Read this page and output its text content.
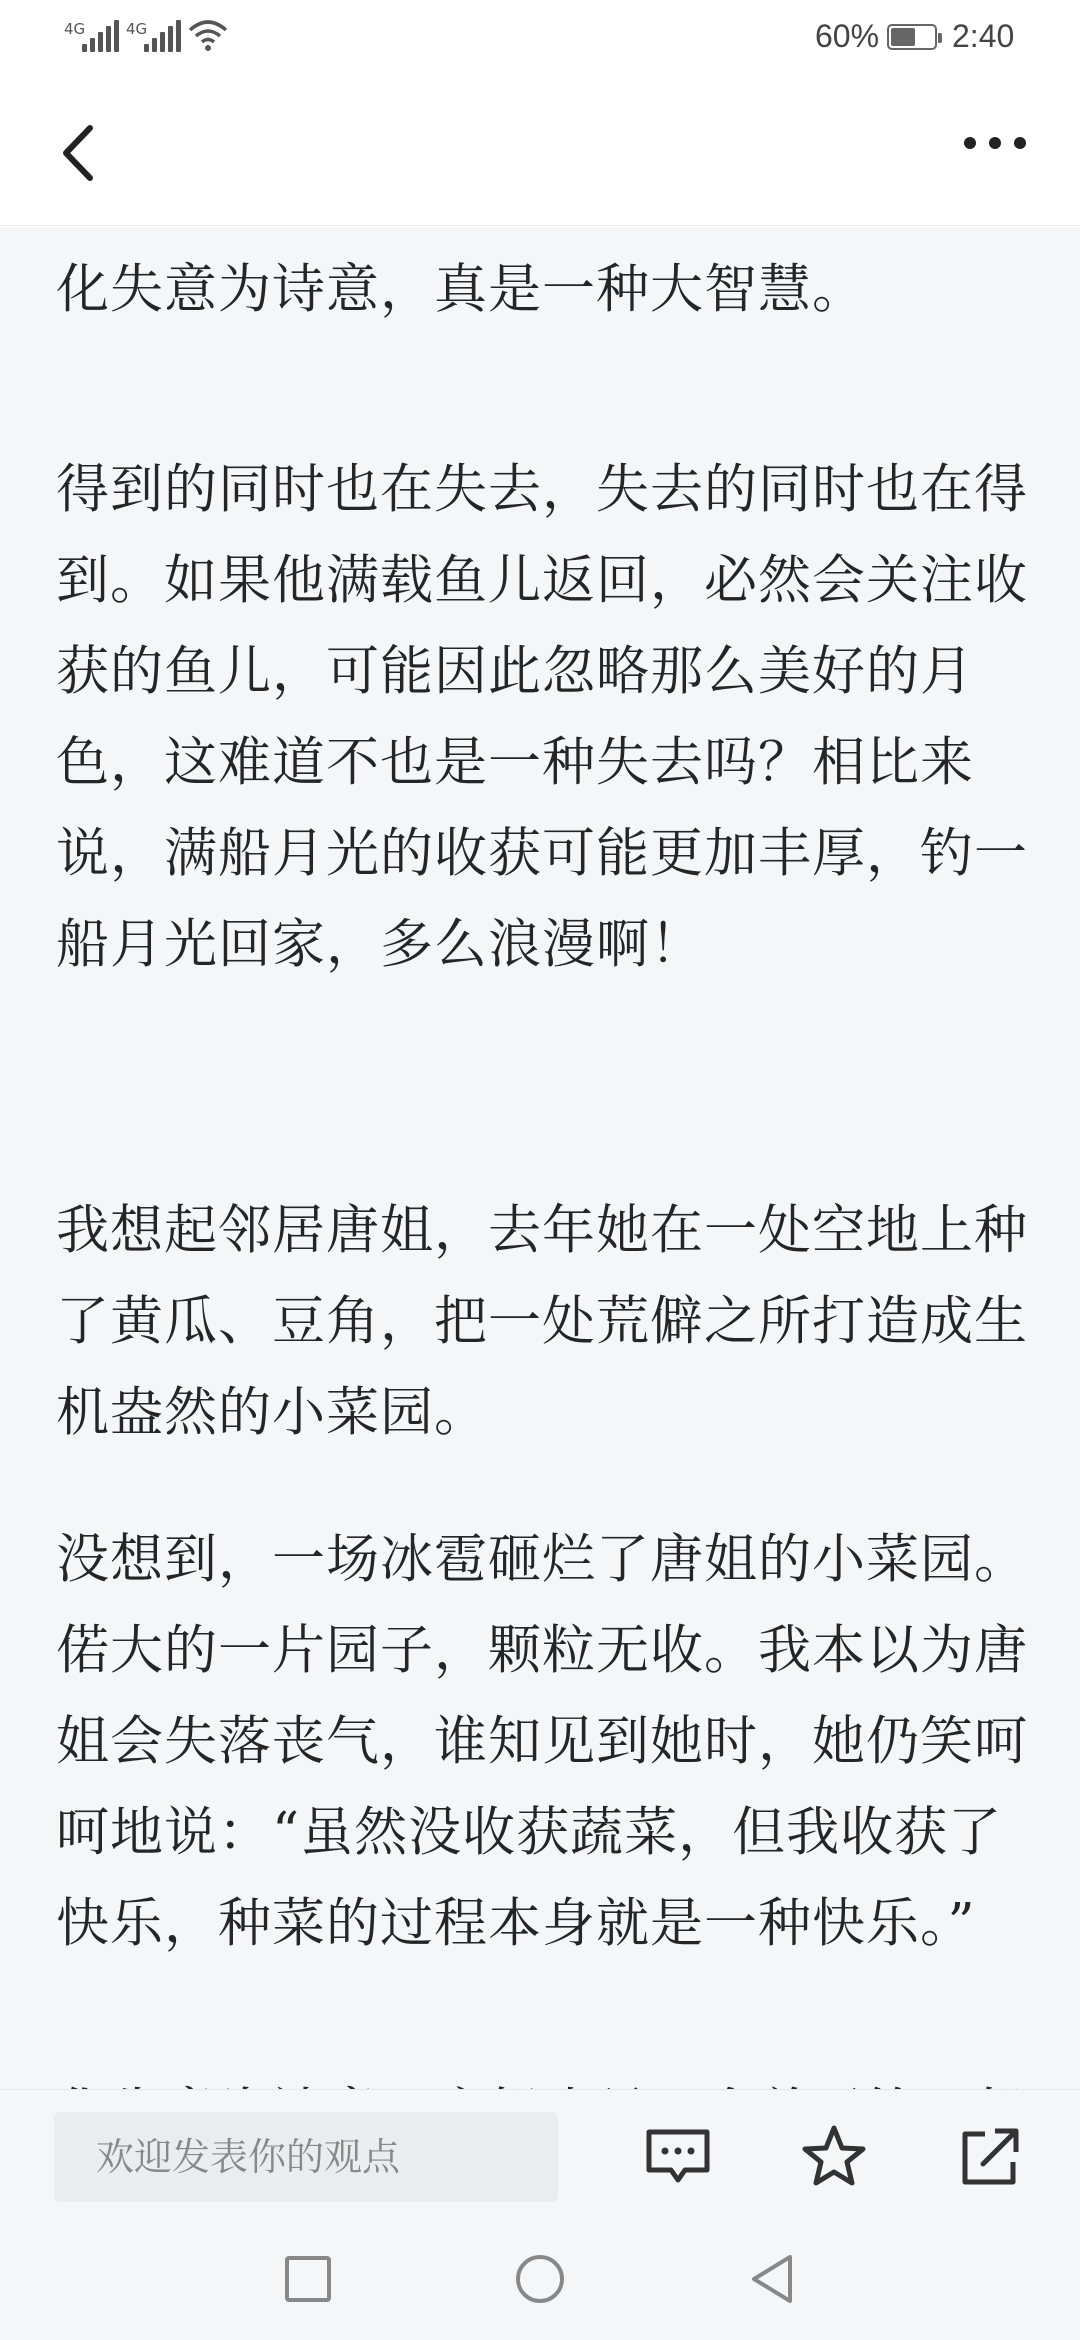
4G	4G	60% 2:40
化失意为诗意，真是一种大智慧。
得到的同时也在失去，失去的同时也在得
到。如果他满载鱼儿返回，必然会关注收
获的鱼儿，可能因此忽略那么美好的月
色，这难道不也是一种失去吗？相比来
说，满船月光的收获可能更加丰厚，钓一
船月光回家，多么浪漫啊！
我想起邻居唐姐，去年她在一处空地上种
了黄瓜、豆角，把一处荒僻之所打造成生
机盎然的小菜园。
没想到，一场冰雹砸烂了唐姐的小菜园。
偌大的一片园子，颗粒无收。我本以为唐
姐会失落丧气，谁知见到她时，她仍笑呵
呵地说：“虽然没收获蔬菜，但我收获了
快乐，种菜的过程本身就是一种快乐。”
欢迎发表你的观点
